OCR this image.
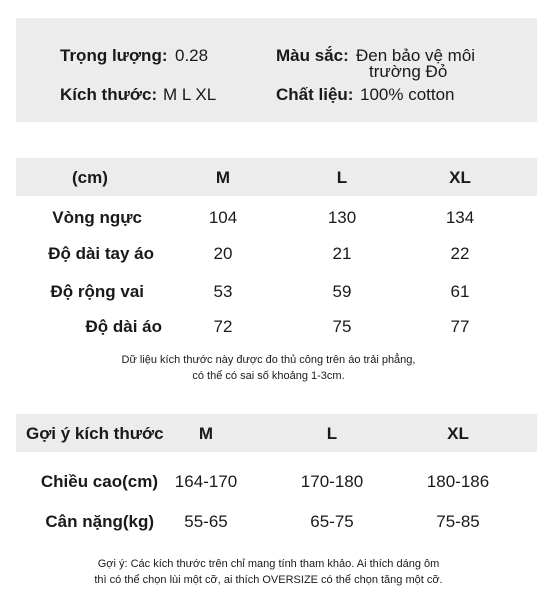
Trọng lượng: 0.28	Màu sắc: Đen bảo vệ môi
trường Đỏ
Kích thước: M L XL	Chất liệu: 100% cotton
(cm)	M	L	XL
Vòng ngực	104	130	134
Độ dài tay áo	20	21	22
Độ rộng vai	53	59	61
Độ dài áo	72	75	77
Dữ liệu kích thước này được đo thủ công trên áo trải phẳng,
có thể có sai số khoảng 1-3cm.
Gợi ý kích thước	M	L	XL
Chiều cao(cm) 164-170	170-180	180-186
Cân nặng(kg)	55-65	65-75	75-85
Gợi ý: Các kích thước trên chỉ mang tính tham khảo. Ai thích dáng ôm
thì có thể chọn lùi một cỡ, ai thích OVERSIZE có thể chọn tăng một cỡ.
